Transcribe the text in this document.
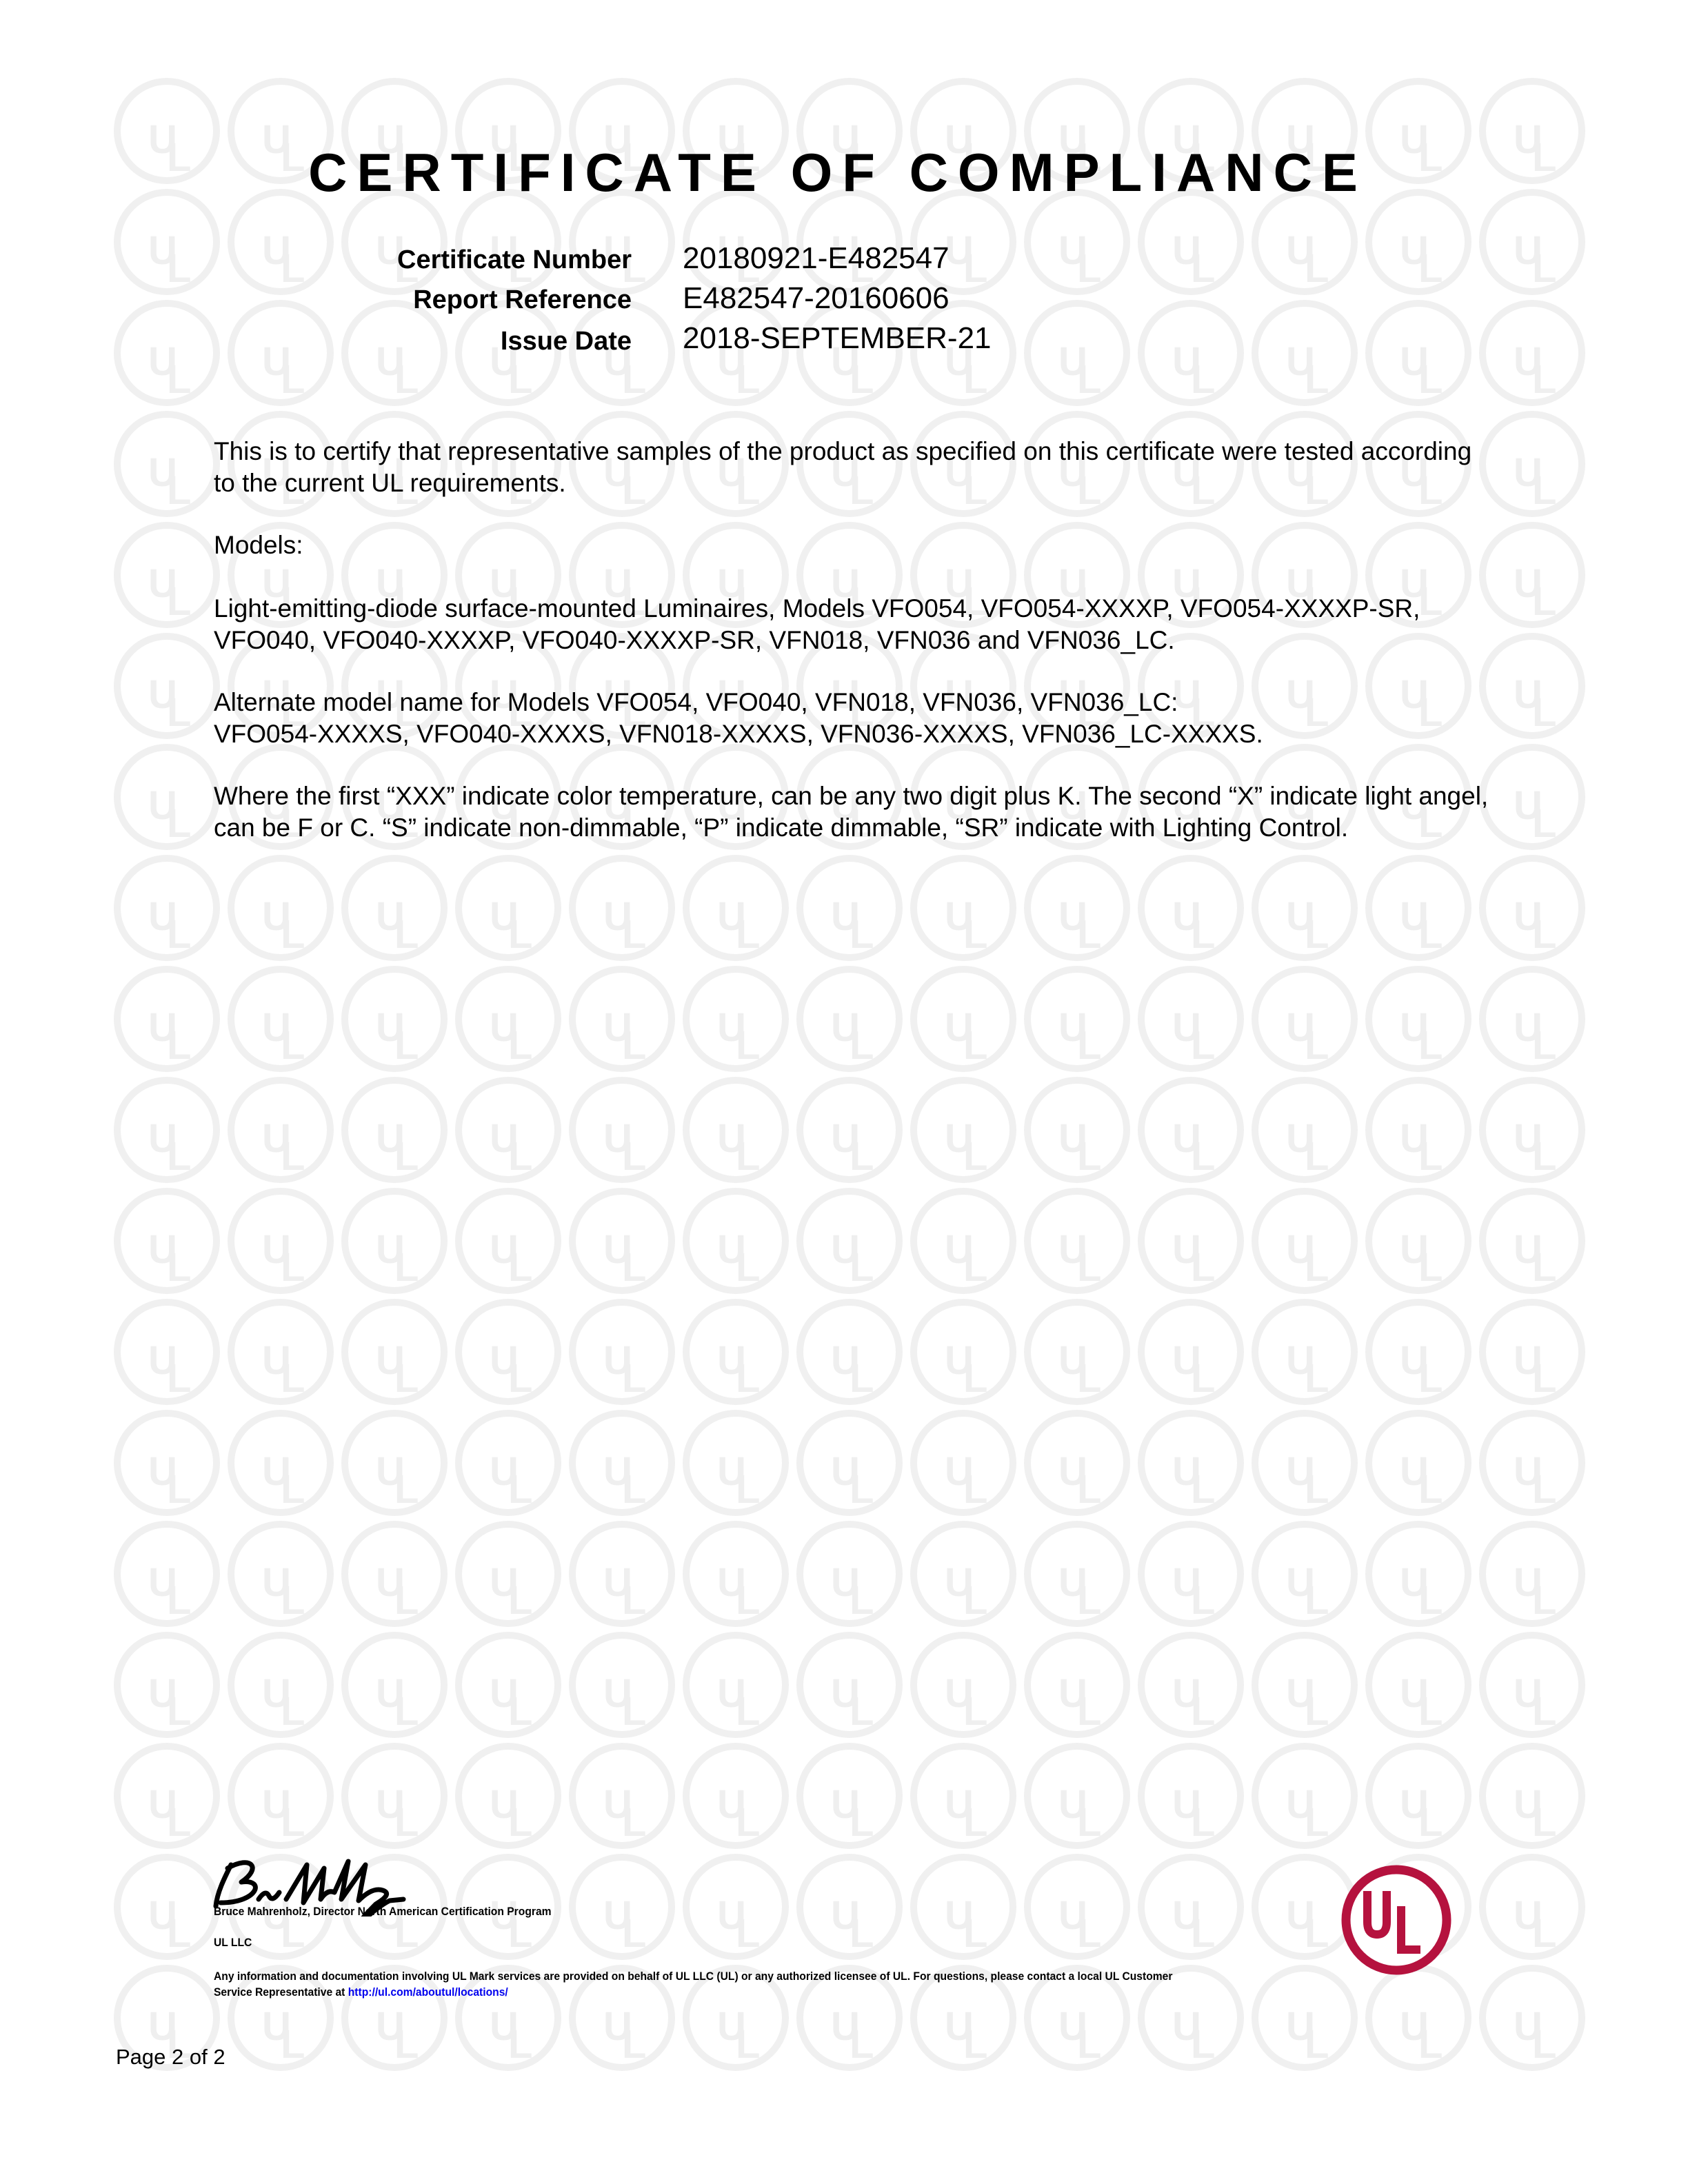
CERTIFICATE OF COMPLIANCE
Certificate Number 20180921-E482547
Report Reference E482547-20160606
Issue Date 2018-SEPTEMBER-21
This is to certify that representative samples of the product as specified on this certificate were tested according to the current UL requirements.
Models:
Light-emitting-diode surface-mounted Luminaires, Models VFO054, VFO054-XXXXP, VFO054-XXXXP-SR, VFO040, VFO040-XXXXP, VFO040-XXXXP-SR, VFN018, VFN036 and VFN036_LC.
Alternate model name for Models VFO054, VFO040, VFN018, VFN036, VFN036_LC:
VFO054-XXXXS, VFO040-XXXXS, VFN018-XXXXS, VFN036-XXXXS, VFN036_LC-XXXXS.
Where the first “XXX” indicate color temperature, can be any two digit plus K. The second “X” indicate light angel, can be F or C. “S” indicate non-dimmable, “P” indicate dimmable, “SR” indicate with Lighting Control.
Bruce Mahrenholz, Director North American Certification Program
UL LLC
Any information and documentation involving UL Mark services are provided on behalf of UL LLC (UL) or any authorized licensee of UL. For questions, please contact a local UL Customer Service Representative at http://ul.com/aboutul/locations/
Page 2 of 2
